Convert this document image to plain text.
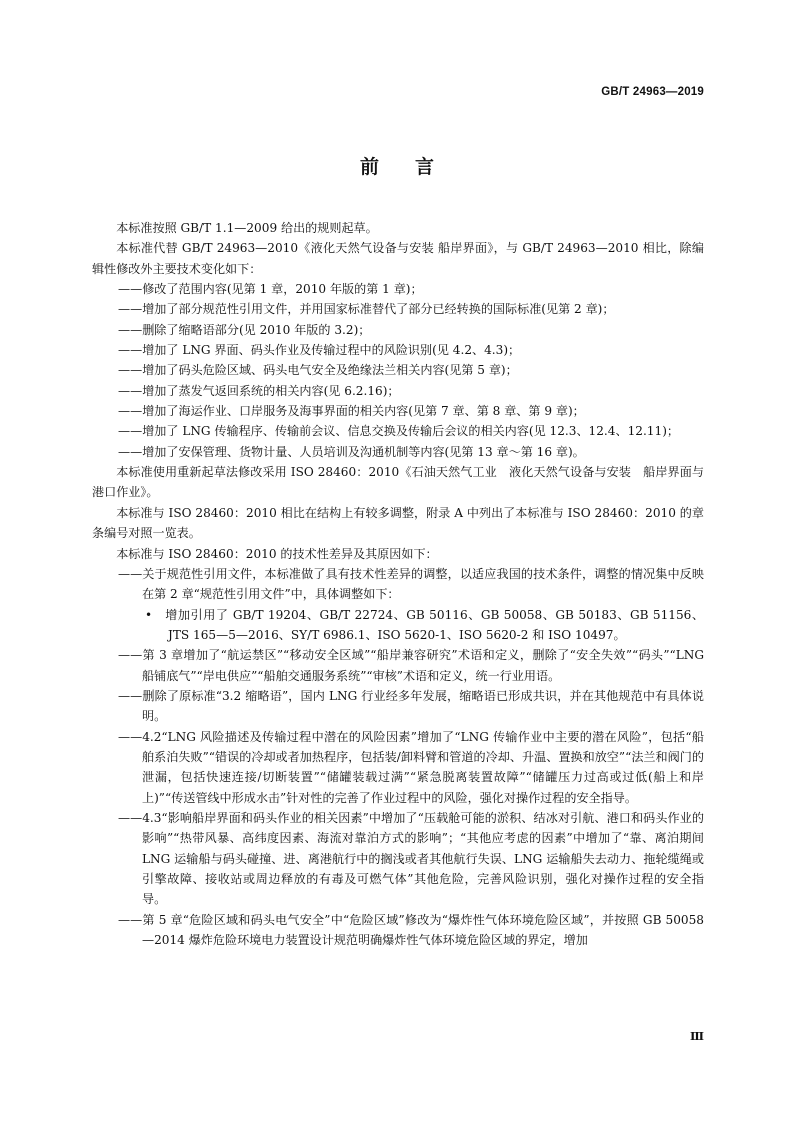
GB/T 24963—2019
前言

本标准按照 GB/T 1.1—2009 给出的规则起草。

本标准代替 GB/T 24963—2010《液化天然气设备与安装 船岸界面》，与 GB/T 24963—2010 相比，除编辑性修改外主要技术变化如下：

——修改了范围内容(见第 1 章，2010 年版的第 1 章)；

——增加了部分规范性引用文件，并用国家标准替代了部分已经转换的国际标准(见第 2 章)；

——删除了缩略语部分(见 2010 年版的 3.2)；

——增加了 LNG 界面、码头作业及传输过程中的风险识别(见 4.2、4.3)；

——增加了码头危险区域、码头电气安全及绝缘法兰相关内容(见第 5 章)；

——增加了蒸发气返回系统的相关内容(见 6.2.16)；

——增加了海运作业、口岸服务及海事界面的相关内容(见第 7 章、第 8 章、第 9 章)；

——增加了 LNG 传输程序、传输前会议、信息交换及传输后会议的相关内容(见 12.3、12.4、12.11)；

——增加了安保管理、货物计量、人员培训及沟通机制等内容(见第 13 章～第 16 章)。

本标准使用重新起草法修改采用 ISO 28460：2010《石油天然气工业　液化天然气设备与安装　船岸界面与港口作业》。

本标准与 ISO 28460：2010 相比在结构上有较多调整，附录 A 中列出了本标准与 ISO 28460：2010 的章条编号对照一览表。

本标准与 ISO 28460：2010 的技术性差异及其原因如下：

——关于规范性引用文件，本标准做了具有技术性差异的调整，以适应我国的技术条件，调整的情况集中反映在第 2 章“规范性引用文件”中，具体调整如下：

•　增加引用了 GB/T 19204、GB/T 22724、GB 50116、GB 50058、GB 50183、GB 51156、JTS 165—5—2016、SY/T 6986.1、ISO 5620-1、ISO 5620-2 和 ISO 10497。

——第 3 章增加了“航运禁区”“移动安全区域”“船岸兼容研究”术语和定义，删除了“安全失效”“码头”“LNG 船铺底气”“岸电供应”“船舶交通服务系统”“审核”术语和定义，统一行业用语。

——删除了原标准“3.2 缩略语”，国内 LNG 行业经多年发展，缩略语已形成共识，并在其他规范中有具体说明。

——4.2“LNG 风险描述及传输过程中潜在的风险因素”增加了“LNG 传输作业中主要的潜在风险”，包括“船舶系泊失败”“错误的冷却或者加热程序，包括装/卸料臂和管道的冷却、升温、置换和放空”“法兰和阀门的泄漏，包括快速连接/切断装置”“储罐装载过满”“紧急脱离装置故障”“储罐压力过高或过低(船上和岸上)”“传送管线中形成水击”针对性的完善了作业过程中的风险，强化对操作过程的安全指导。

——4.3“影响船岸界面和码头作业的相关因素”中增加了“压载舱可能的淤积、结冰对引航、港口和码头作业的影响”“热带风暴、高纬度因素、海流对靠泊方式的影响”；“其他应考虑的因素”中增加了“靠、离泊期间 LNG 运输船与码头碰撞、进、离港航行中的搁浅或者其他航行失误、LNG 运输船失去动力、拖轮缆绳或引擎故障、接收站或周边释放的有毒及可燃气体”其他危险，完善风险识别，强化对操作过程的安全指导。

——第 5 章“危险区域和码头电气安全”中“危险区域”修改为“爆炸性气体环境危险区域”，并按照 GB 50058—2014 爆炸危险环境电力装置设计规范明确爆炸性气体环境危险区域的界定，增加

Ⅲ
